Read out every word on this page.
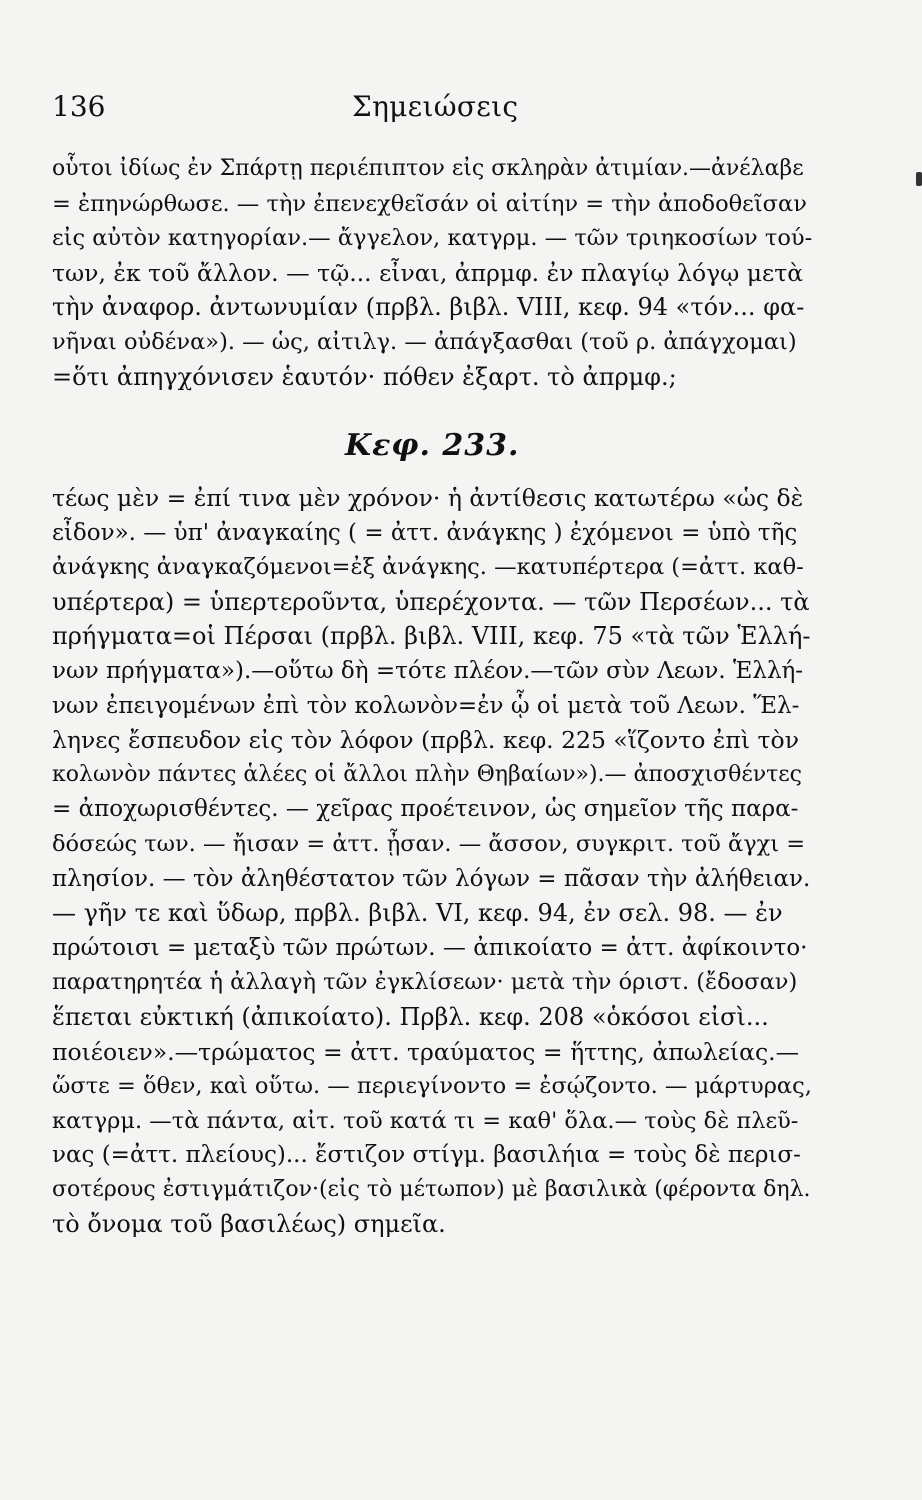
136	Σημειώσεις
οὗτοι ἰδίως ἐν Σπάρτῃ περιέπιπτον εἰς σκληρὰν ἀτιμίαν.—ἀνέλαβε
= ἐπηνώρθωσε. — τὴν ἐπενεχθεῖσάν οἱ αἰτίην = τὴν ἀποδοθεῖσαν
εἰς αὐτὸν κατηγορίαν.— ἄγγελον, κατγρμ. — τῶν τριηκοσίων τού-
των, ἐκ τοῦ ἄλλον. — τῷ... εἶναι, ἀπρμφ. ἐν πλαγίῳ λόγῳ μετὰ
τὴν ἀναφορ. ἀντωνυμίαν (πρβλ. βιβλ. VIII, κεφ. 94 «τόν... φα-
νῆναι οὐδένα»). — ὡς, αἰτιλγ. — ἀπάγξασθαι (τοῦ ρ. ἀπάγχομαι)
=ὅτι ἀπηγχόνισεν ἑαυτόν· πόθεν ἐξαρτ. τὸ ἀπρμφ.;
Κεφ. 233.
τέως μὲν = ἐπί τινα μὲν χρόνον· ἡ ἀντίθεσις κατωτέρω «ὡς δὲ
εἶδον». — ὑπ' ἀναγκαίης ( = ἀττ. ἀνάγκης ) ἐχόμενοι = ὑπὸ τῆς
ἀνάγκης ἀναγκαζόμενοι=ἐξ ἀνάγκης. —κατυπέρτερα (=ἀττ. καθ-
υπέρτερα) = ὑπερτεροῦντα, ὑπερέχοντα. — τῶν Περσέων... τὰ
πρήγματα=οἱ Πέρσαι (πρβλ. βιβλ. VIII, κεφ. 75 «τὰ τῶν Ἑλλή-
νων πρήγματα»).—οὕτω δὴ =τότε πλέον.—τῶν σὺν Λεων. Ἑλλή-
νων ἐπειγομένων ἐπὶ τὸν κολωνὸν=ἐν ᾧ οἱ μετὰ τοῦ Λεων. Ἕλ-
ληνες ἔσπευδον εἰς τὸν λόφον (πρβλ. κεφ. 225 «ἵζοντο ἐπὶ τὸν
κολωνὸν πάντες ἁλέες οἱ ἄλλοι πλὴν Θηβαίων»).— ἀποσχισθέντες
= ἀποχωρισθέντες. — χεῖρας προέτεινον, ὡς σημεῖον τῆς παρα-
δόσεώς των. — ἤισαν = ἀττ. ᾖσαν. — ἄσσον, συγκριτ. τοῦ ἄγχι =
πλησίον. — τὸν ἀληθέστατον τῶν λόγων = πᾶσαν τὴν ἀλήθειαν.
— γῆν τε καὶ ὕδωρ, πρβλ. βιβλ. VI, κεφ. 94, ἐν σελ. 98. — ἐν
πρώτοισι = μεταξὺ τῶν πρώτων. — ἀπικοίατο = ἀττ. ἀφίκοιντο·
παρατηρητέα ἡ ἀλλαγὴ τῶν ἐγκλίσεων· μετὰ τὴν όριστ. (ἔδοσαν)
ἕπεται εὐκτική (ἀπικοίατο). Πρβλ. κεφ. 208 «ὁκόσοι εἰσὶ...
ποιέοιεν».—τρώματος = ἀττ. τραύματος = ἥττης, ἀπωλείας.—
ὥστε = ὅθεν, καὶ οὕτω. — περιεγίνοντο = ἐσῴζοντο. — μάρτυρας,
κατγρμ. —τὰ πάντα, αἰτ. τοῦ κατά τι = καθ' ὅλα.— τοὺς δὲ πλεῦ-
νας (=ἀττ. πλείους)... ἔστιζον στίγμ. βασιλήια = τοὺς δὲ περισ-
σοτέρους ἐστιγμάτιζον·(εἰς τὸ μέτωπον) μὲ βασιλικὰ (φέροντα δηλ.
τὸ ὄνομα τοῦ βασιλέως) σημεῖα.
